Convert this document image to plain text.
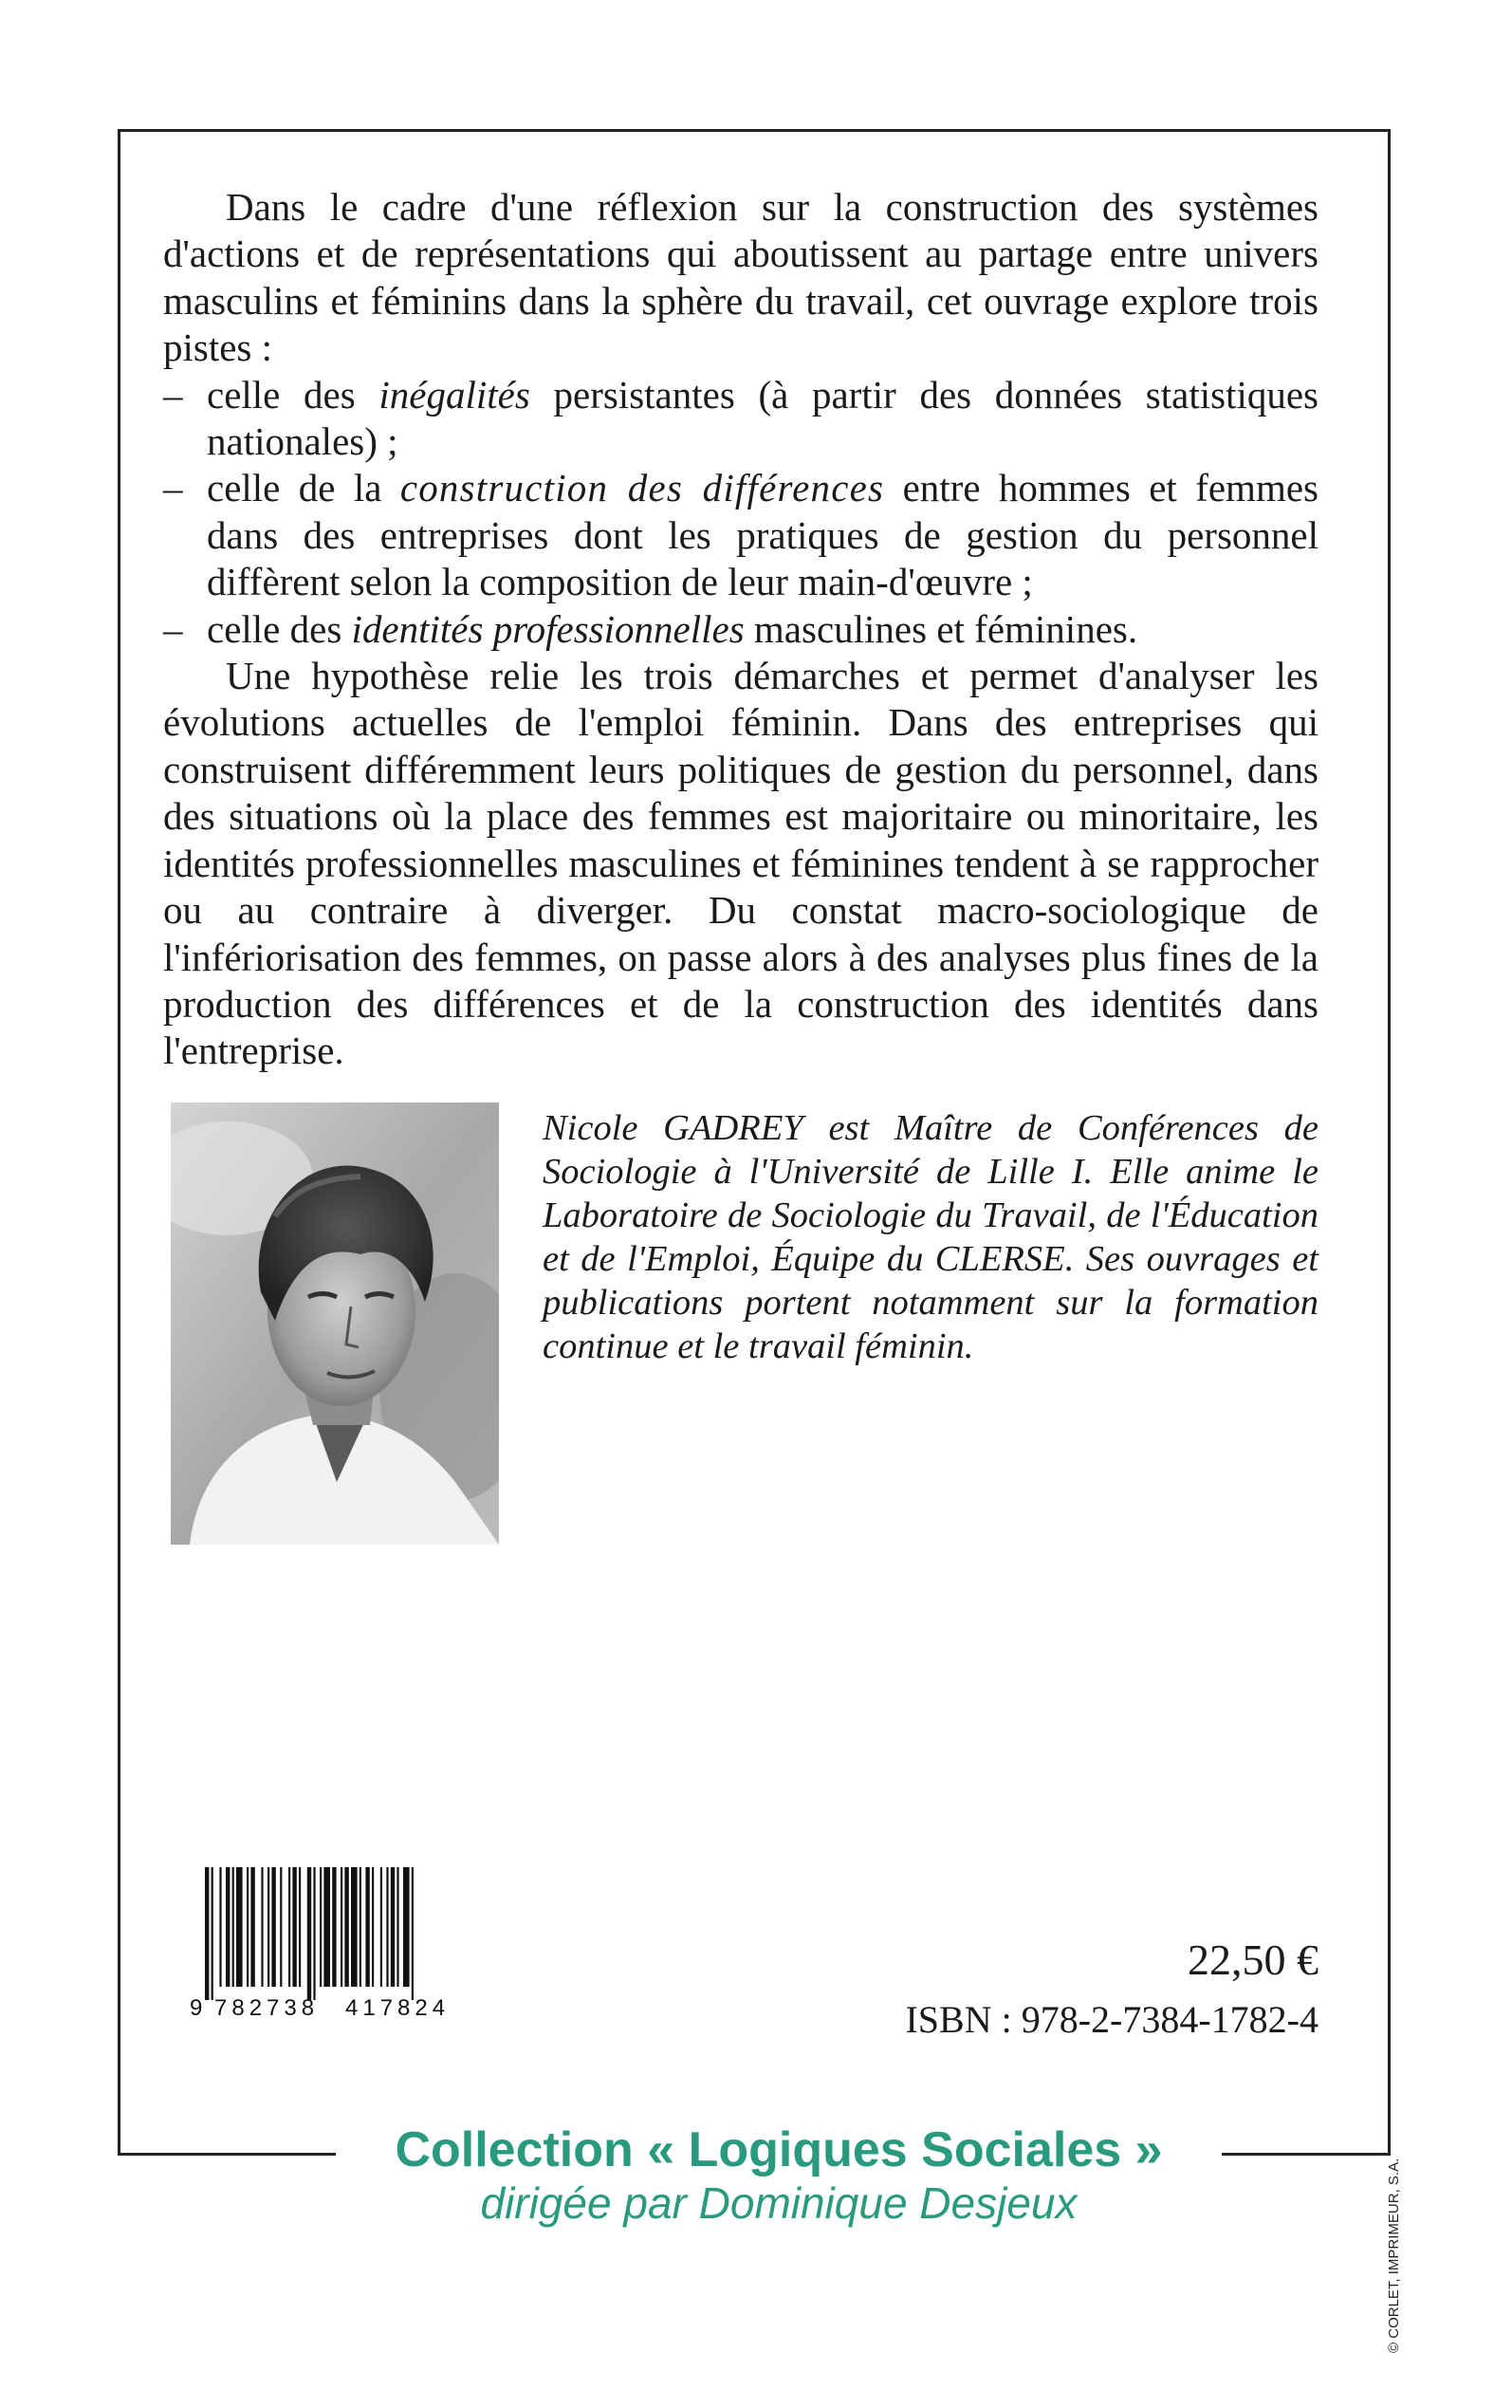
Dans le cadre d'une réflexion sur la construction des systèmes d'actions et de représentations qui aboutissent au partage entre univers masculins et féminins dans la sphère du travail, cet ouvrage explore trois pistes :

– celle des inégalités persistantes (à partir des données statistiques nationales) ;
– celle de la construction des différences entre hommes et femmes dans des entreprises dont les pratiques de gestion du personnel diffèrent selon la composition de leur main-d'œuvre ;
– celle des identités professionnelles masculines et féminines.

Une hypothèse relie les trois démarches et permet d'analyser les évolutions actuelles de l'emploi féminin. Dans des entreprises qui construisent différemment leurs politiques de gestion du personnel, dans des situations où la place des femmes est majoritaire ou minoritaire, les identités professionnelles masculines et féminines tendent à se rapprocher ou au contraire à diverger. Du constat macro-sociologique de l'infériorisation des femmes, on passe alors à des analyses plus fines de la production des différences et de la construction des identités dans l'entreprise.

Nicole GADREY est Maître de Conférences de Sociologie à l'Université de Lille I. Elle anime le Laboratoire de Sociologie du Travail, de l'Éducation et de l'Emploi, Équipe du CLERSE. Ses ouvrages et publications portent notamment sur la formation continue et le travail féminin.
9 782738 417824
22,50 €
ISBN : 978-2-7384-1782-4
Collection « Logiques Sociales »
dirigée par Dominique Desjeux
© CORLET, IMPRIMEUR, S.A.
